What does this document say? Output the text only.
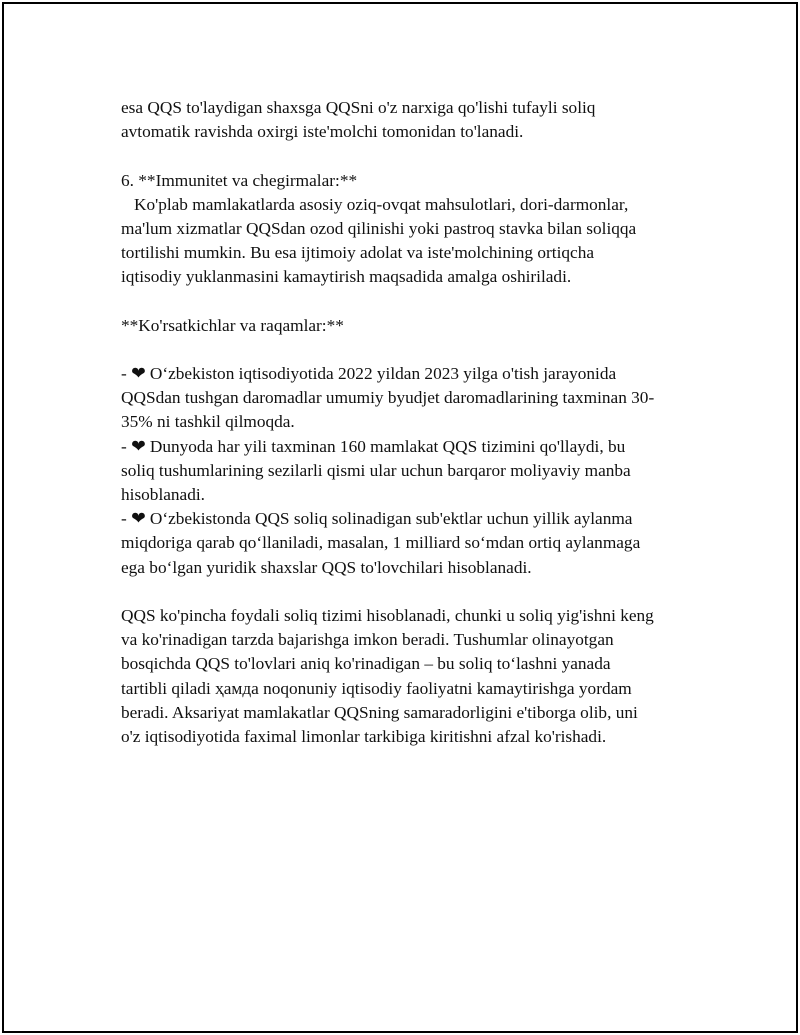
esa QQS to'laydigan shaxsga QQSni o'z narxiga qo'lishi tufayli soliq
avtomatik ravishda oxirgi iste'molchi tomonidan to'lanadi.
6. **Immunitet va chegirmalar:**
Ko'plab mamlakatlarda asosiy oziq-ovqat mahsulotlari, dori-darmonlar,
ma'lum xizmatlar QQSdan ozod qilinishi yoki pastroq stavka bilan soliqqa
tortilishi mumkin. Bu esa ijtimoiy adolat va iste'molchining ortiqcha
iqtisodiy yuklanmasini kamaytirish maqsadida amalga oshiriladi.
**Ko'rsatkichlar va raqamlar:**
- ❤ O‘zbekiston iqtisodiyotida 2022 yildan 2023 yilga o'tish jarayonida
QQSdan tushgan daromadlar umumiy byudjet daromadlarining taxminan 30-
35% ni tashkil qilmoqda.
- ❤ Dunyoda har yili taxminan 160 mamlakat QQS tizimini qo'llaydi, bu
soliq tushumlarining sezilarli qismi ular uchun barqaror moliyaviy manba
hisoblanadi.
- ❤ O‘zbekistonda QQS soliq solinadigan sub'ektlar uchun yillik aylanma
miqdoriga qarab qo‘llaniladi, masalan, 1 milliard so‘mdan ortiq aylanmaga
ega bo‘lgan yuridik shaxslar QQS to'lovchilari hisoblanadi.
QQS ko'pincha foydali soliq tizimi hisoblanadi, chunki u soliq yig'ishni keng
va ko'rinadigan tarzda bajarishga imkon beradi. Tushumlar olinayotgan
bosqichda QQS to'lovlari aniq ko'rinadigan – bu soliq to‘lashni yanada
tartibli qiladi ҳамда noqonuniy iqtisodiy faoliyatni kamaytirishga yordam
beradi. Aksariyat mamlakatlar QQSning samaradorligini e'tiborga olib, uni
o'z iqtisodiyotida faximal limonlar tarkibiga kiritishni afzal ko'rishadi.
